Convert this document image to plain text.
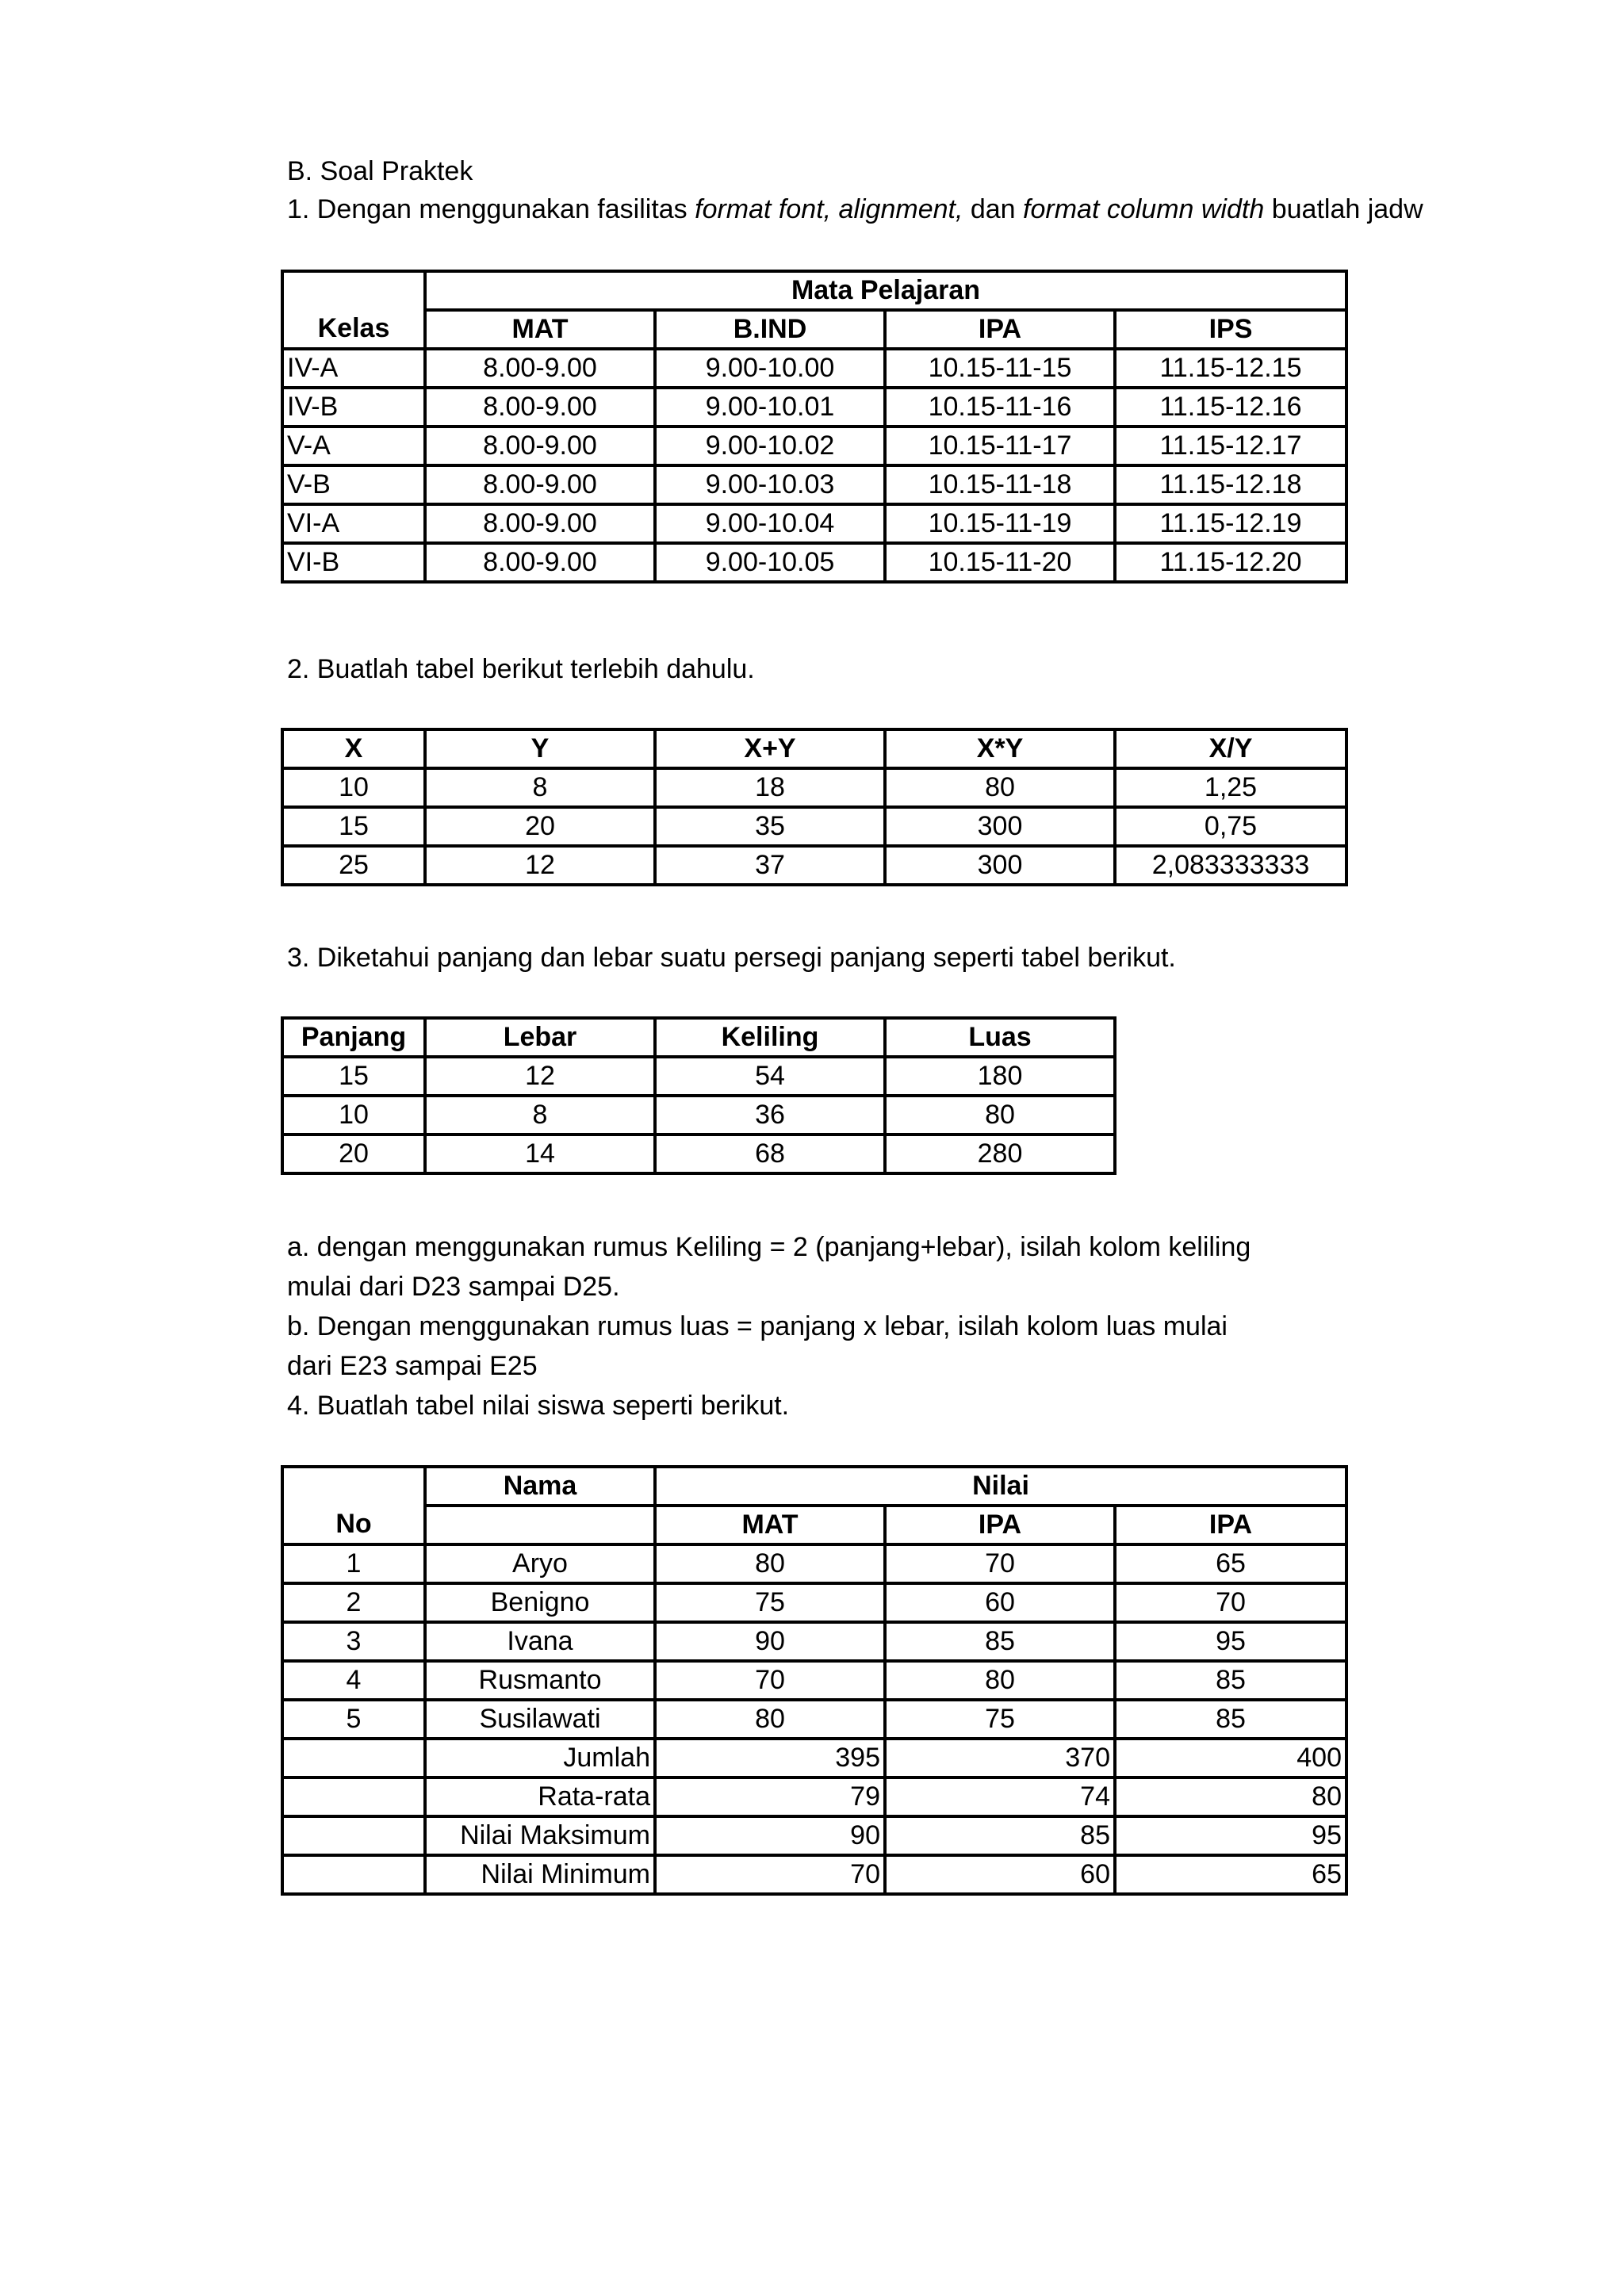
B. Soal Praktek
1. Dengan menggunakan fasilitas format font, alignment, dan format column width buatlah jadw
Kelas	Mata Pelajaran			
	MAT	B.IND	IPA	IPS
IV-A	8.00-9.00	9.00-10.00	10.15-11-15	11.15-12.15
IV-B	8.00-9.00	9.00-10.01	10.15-11-16	11.15-12.16
V-A	8.00-9.00	9.00-10.02	10.15-11-17	11.15-12.17
V-B	8.00-9.00	9.00-10.03	10.15-11-18	11.15-12.18
VI-A	8.00-9.00	9.00-10.04	10.15-11-19	11.15-12.19
VI-B	8.00-9.00	9.00-10.05	10.15-11-20	11.15-12.20
2. Buatlah tabel berikut terlebih dahulu.
X	Y	X+Y	X*Y	X/Y
10	8	18	80	1,25
15	20	35	300	0,75
25	12	37	300	2,083333333
3. Diketahui panjang dan lebar suatu persegi panjang seperti tabel berikut.
Panjang	Lebar	Keliling	Luas
15	12	54	180
10	8	36	80
20	14	68	280
a. dengan menggunakan rumus Keliling = 2 (panjang+lebar), isilah kolom keliling
mulai dari D23 sampai D25.
b. Dengan menggunakan rumus luas = panjang x lebar, isilah kolom luas mulai
dari E23 sampai E25
4. Buatlah tabel nilai siswa seperti berikut.
No	Nama	Nilai		
		MAT	IPA	IPA
1	Aryo	80	70	65
2	Benigno	75	60	70
3	Ivana	90	85	95
4	Rusmanto	70	80	85
5	Susilawati	80	75	85
	Jumlah	395	370	400
	Rata-rata	79	74	80
	Nilai Maksimum	90	85	95
	Nilai Minimum	70	60	65
